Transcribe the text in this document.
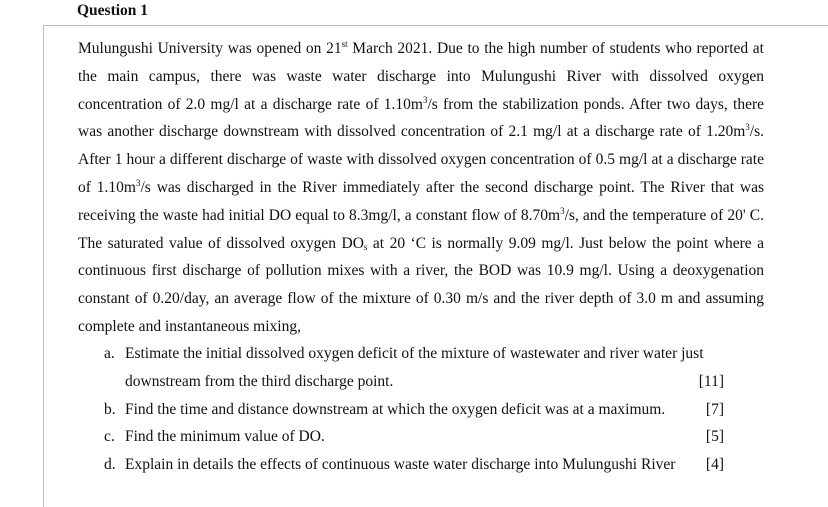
Question 1

Mulungushi University was opened on 21st March 2021. Due to the high number of students who reported at the main campus, there was waste water discharge into Mulungushi River with dissolved oxygen concentration of 2.0 mg/l at a discharge rate of $1.10m^3/s$ from the stabilization ponds. After two days, there was another discharge downstream with dissolved concentration of 2.1 mg/l at a discharge rate of $1.20m^3/s$. After 1 hour a different discharge of waste with dissolved oxygen concentration of 0.5 mg/l at a discharge rate of $1.10m^3/s$ was discharged in the River immediately after the second discharge point. The River that was receiving the waste had initial DO equal to 8.3mg/l, a constant flow of $8.70m^3/s$, and the temperature of 20' C. The saturated value of dissolved oxygen $DO_s$ at 20 ‘C is normally 9.09 mg/l. Just below the point where a continuous first discharge of pollution mixes with a river, the BOD was 10.9 mg/l. Using a deoxygenation constant of 0.20/day, an average flow of the mixture of 0.30 m/s and the river depth of 3.0 m and assuming complete and instantaneous mixing,

a. Estimate the initial dissolved oxygen deficit of the mixture of wastewater and river water just
downstream from the third discharge point.	[11]
b. Find the time and distance downstream at which the oxygen deficit was at a maximum.	[7]
c. Find the minimum value of DO.	[5]
d. Explain in details the effects of continuous waste water discharge into Mulungushi River	[4]
